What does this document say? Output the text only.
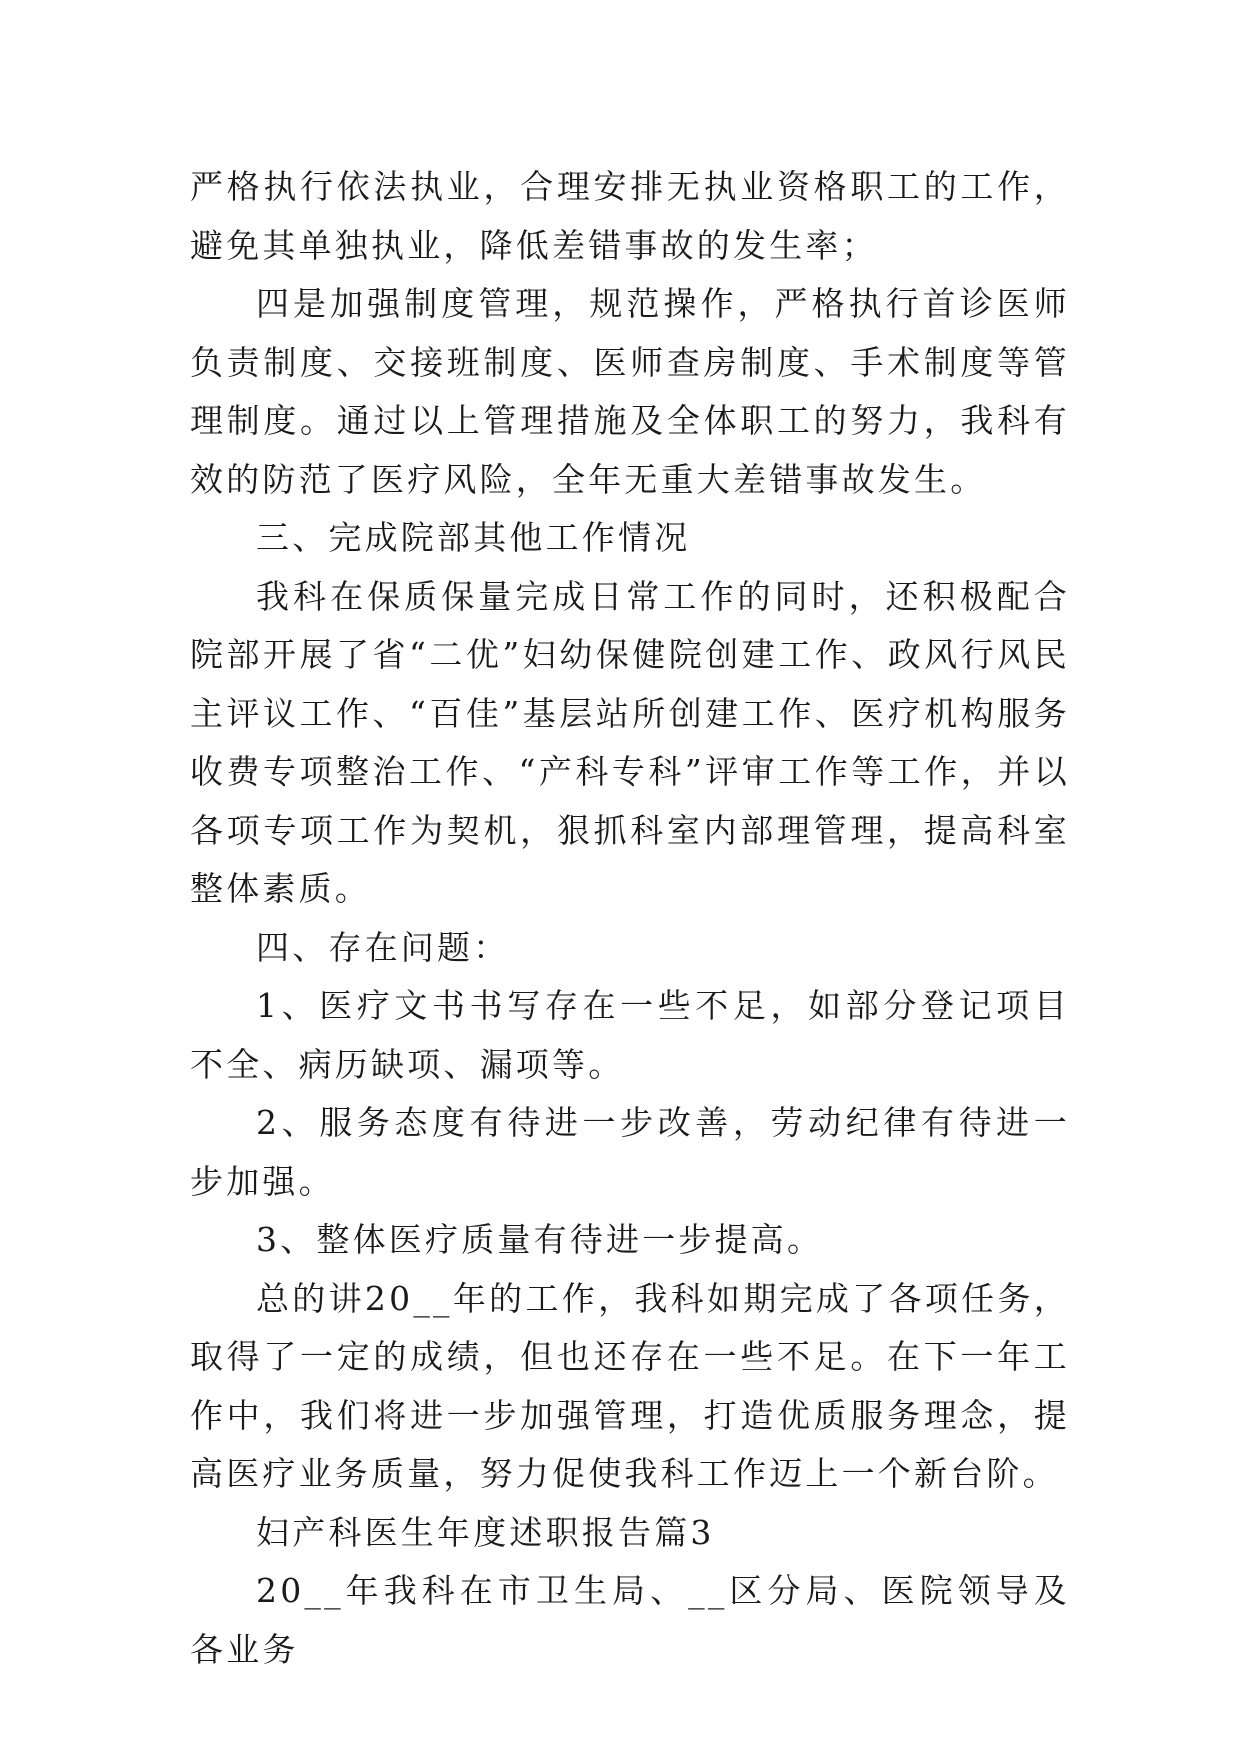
严格执行依法执业，合理安排无执业资格职工的工作，避免其单独执业，降低差错事故的发生率；

四是加强制度管理，规范操作，严格执行首诊医师负责制度、交接班制度、医师查房制度、手术制度等管理制度。通过以上管理措施及全体职工的努力，我科有效的防范了医疗风险，全年无重大差错事故发生。

三、完成院部其他工作情况

我科在保质保量完成日常工作的同时，还积极配合院部开展了省“二优”妇幼保健院创建工作、政风行风民主评议工作、“百佳”基层站所创建工作、医疗机构服务收费专项整治工作、“产科专科”评审工作等工作，并以各项专项工作为契机，狠抓科室内部理管理，提高科室整体素质。

四、存在问题：

1、医疗文书书写存在一些不足，如部分登记项目不全、病历缺项、漏项等。

2、服务态度有待进一步改善，劳动纪律有待进一步加强。

3、整体医疗质量有待进一步提高。

总的讲20__年的工作，我科如期完成了各项任务，取得了一定的成绩，但也还存在一些不足。在下一年工作中，我们将进一步加强管理，打造优质服务理念，提高医疗业务质量，努力促使我科工作迈上一个新台阶。

妇产科医生年度述职报告篇3

20__年我科在市卫生局、__区分局、医院领导及各业务
